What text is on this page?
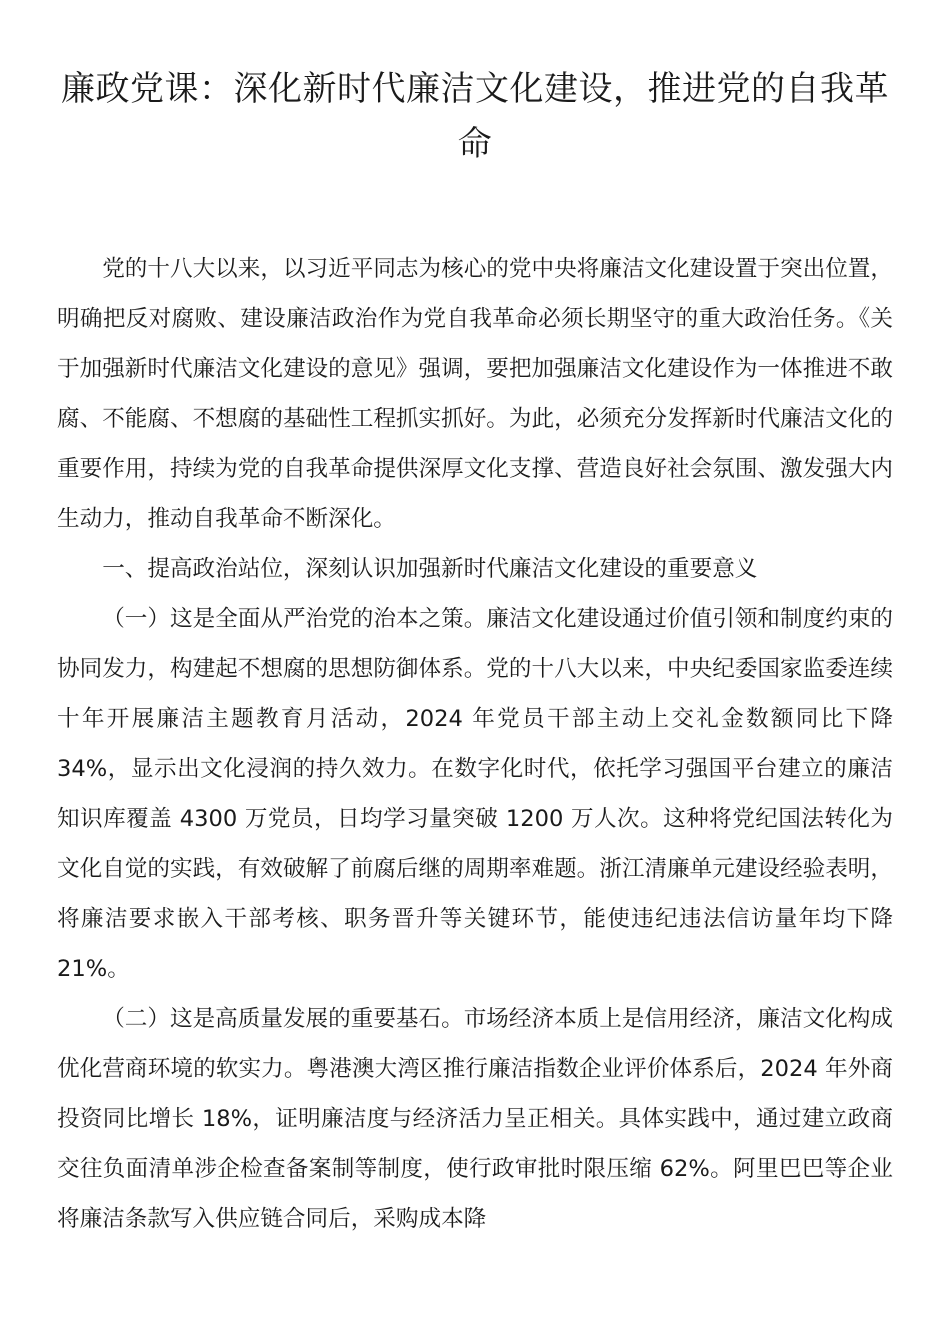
廉政党课：深化新时代廉洁文化建设，推进党的自我革命

党的十八大以来，以习近平同志为核心的党中央将廉洁文化建设置于突出位置，明确把反对腐败、建设廉洁政治作为党自我革命必须长期坚守的重大政治任务。《关于加强新时代廉洁文化建设的意见》强调，要把加强廉洁文化建设作为一体推进不敢腐、不能腐、不想腐的基础性工程抓实抓好。为此，必须充分发挥新时代廉洁文化的重要作用，持续为党的自我革命提供深厚文化支撑、营造良好社会氛围、激发强大内生动力，推动自我革命不断深化。

一、提高政治站位，深刻认识加强新时代廉洁文化建设的重要意义

（一）这是全面从严治党的治本之策。廉洁文化建设通过价值引领和制度约束的协同发力，构建起不想腐的思想防御体系。党的十八大以来，中央纪委国家监委连续十年开展廉洁主题教育月活动，2024 年党员干部主动上交礼金数额同比下降 34%，显示出文化浸润的持久效力。在数字化时代，依托学习强国平台建立的廉洁知识库覆盖 4300 万党员，日均学习量突破 1200 万人次。这种将党纪国法转化为文化自觉的实践，有效破解了前腐后继的周期率难题。浙江清廉单元建设经验表明，将廉洁要求嵌入干部考核、职务晋升等关键环节，能使违纪违法信访量年均下降 21%。

（二）这是高质量发展的重要基石。市场经济本质上是信用经济，廉洁文化构成优化营商环境的软实力。粤港澳大湾区推行廉洁指数企业评价体系后，2024 年外商投资同比增长 18%，证明廉洁度与经济活力呈正相关。具体实践中，通过建立政商交往负面清单涉企检查备案制等制度，使行政审批时限压缩 62%。阿里巴巴等企业将廉洁条款写入供应链合同后，采购成本降
